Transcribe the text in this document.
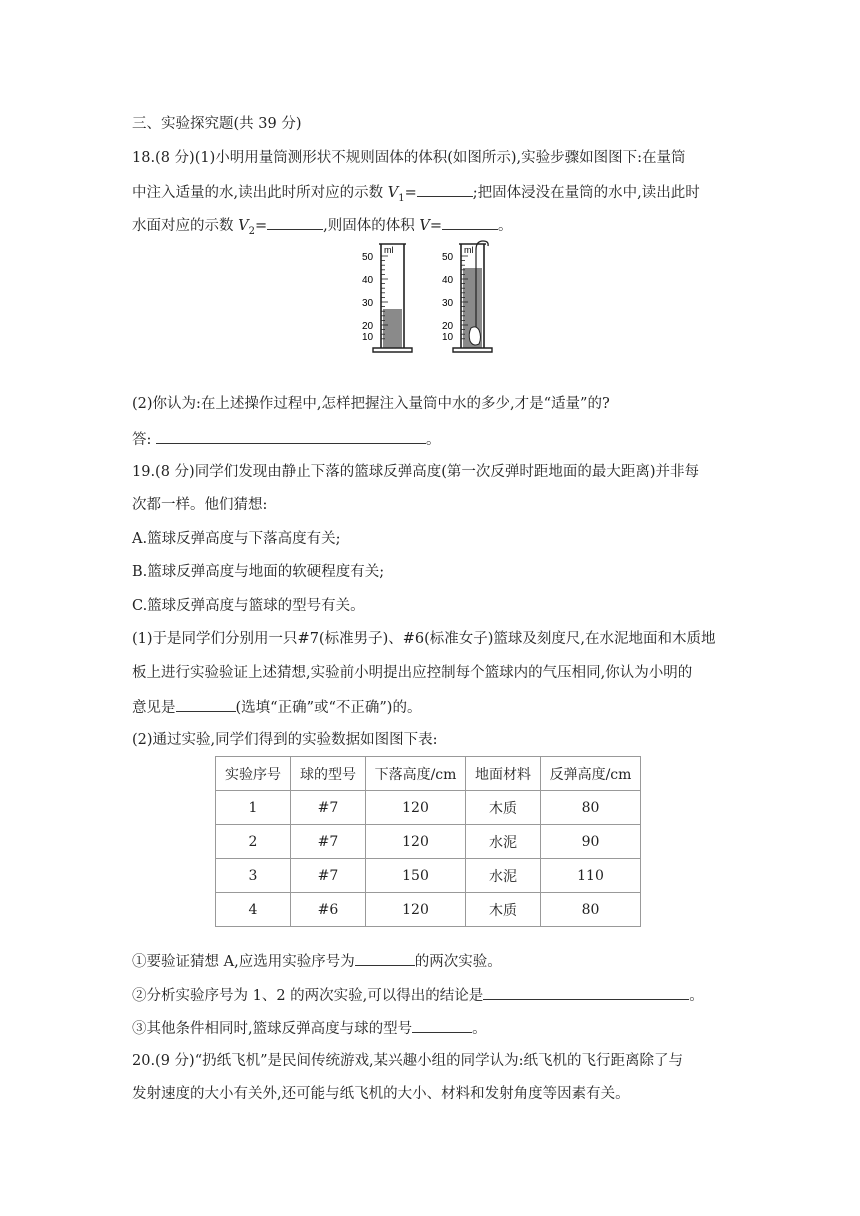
三、实验探究题(共 39 分)
18.(8 分)(1)小明用量筒测形状不规则固体的体积(如图所示),实验步骤如图图下:在量筒
中注入适量的水,读出此时所对应的示数 $V_1=$	;把固体浸没在量筒的水中,读出此时
水面对应的示数 $V_2=$	,则固体的体积 V=	。
ml
50
40
30
20
10
ml
50
40
30
20
10
(2)你认为:在上述操作过程中,怎样把握注入量筒中水的多少,才是“适量”的?
答:	。
19.(8 分)同学们发现由静止下落的篮球反弹高度(第一次反弹时距地面的最大距离)并非每
次都一样。他们猜想:
A.篮球反弹高度与下落高度有关;
B.篮球反弹高度与地面的软硬程度有关;
C.篮球反弹高度与篮球的型号有关。
(1)于是同学们分别用一只#7(标准男子)、#6(标准女子)篮球及刻度尺,在水泥地面和木质地
板上进行实验验证上述猜想,实验前小明提出应控制每个篮球内的气压相同,你认为小明的
意见是	(选填“正确”或“不正确”)的。
(2)通过实验,同学们得到的实验数据如图图下表:
实验序号	球的型号	下落高度/cm	地面材料	反弹高度/cm
1	#7	120	木质	80
2	#7	120	水泥	90
3	#7	150	水泥	110
4	#6	120	木质	80
①要验证猜想 A,应选用实验序号为	的两次实验。
②分析实验序号为 1、2 的两次实验,可以得出的结论是	。
③其他条件相同时,篮球反弹高度与球的型号	。
20.(9 分)“扔纸飞机”是民间传统游戏,某兴趣小组的同学认为:纸飞机的飞行距离除了与
发射速度的大小有关外,还可能与纸飞机的大小、材料和发射角度等因素有关。
